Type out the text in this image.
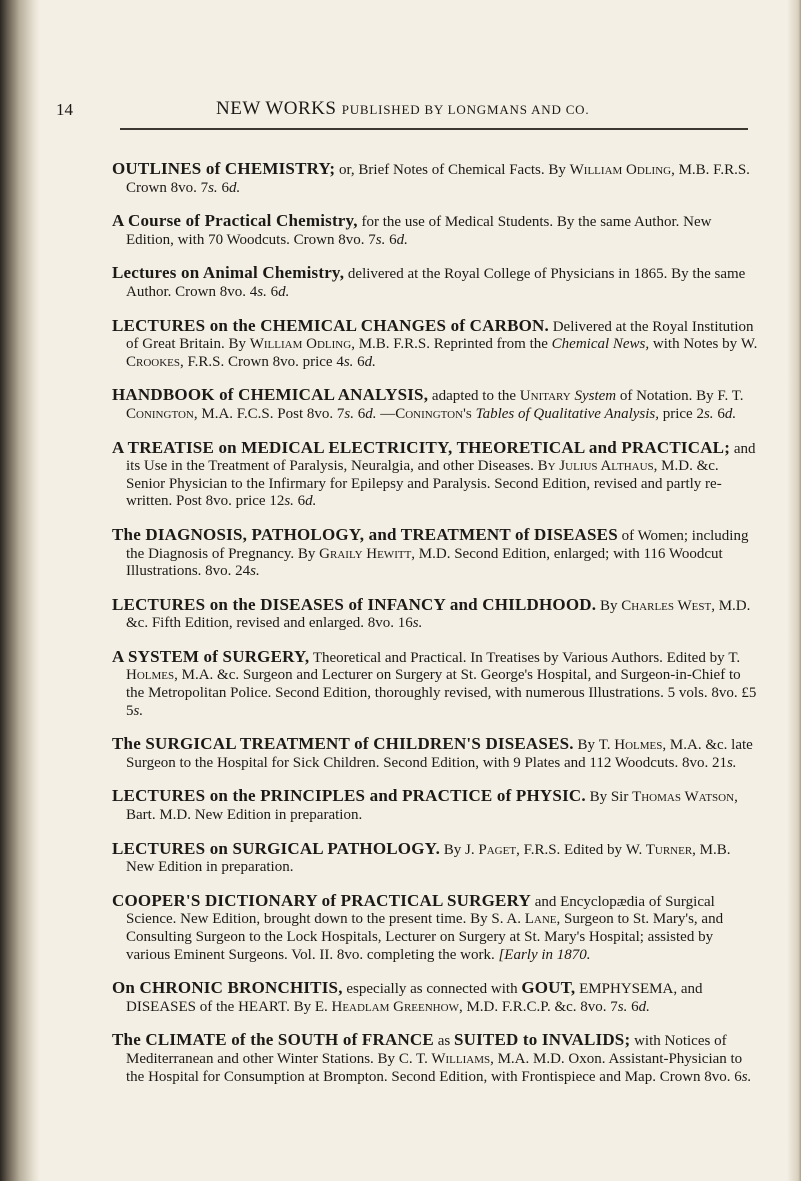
14	NEW WORKS PUBLISHED BY LONGMANS AND CO.

OUTLINES of CHEMISTRY; or, Brief Notes of Chemical Facts. By William Odling, M.B. F.R.S. Crown 8vo. 7s. 6d.

A Course of Practical Chemistry, for the use of Medical Students. By the same Author. New Edition, with 70 Woodcuts. Crown 8vo. 7s. 6d.

Lectures on Animal Chemistry, delivered at the Royal College of Physicians in 1865. By the same Author. Crown 8vo. 4s. 6d.

LECTURES on the CHEMICAL CHANGES of CARBON. Delivered at the Royal Institution of Great Britain. By William Odling, M.B. F.R.S. Reprinted from the Chemical News, with Notes by W. Crookes, F.R.S. Crown 8vo. price 4s. 6d.

HANDBOOK of CHEMICAL ANALYSIS, adapted to the Unitary System of Notation. By F. T. Conington, M.A. F.C.S. Post 8vo. 7s. 6d. —Conington's Tables of Qualitative Analysis, price 2s. 6d.

A TREATISE on MEDICAL ELECTRICITY, THEORETICAL and PRACTICAL; and its Use in the Treatment of Paralysis, Neuralgia, and other Diseases. By Julius Althaus, M.D. &c. Senior Physician to the Infirmary for Epilepsy and Paralysis. Second Edition, revised and partly re-written. Post 8vo. price 12s. 6d.

The DIAGNOSIS, PATHOLOGY, and TREATMENT of DISEASES of Women; including the Diagnosis of Pregnancy. By Graily Hewitt, M.D. Second Edition, enlarged; with 116 Woodcut Illustrations. 8vo. 24s.

LECTURES on the DISEASES of INFANCY and CHILDHOOD. By Charles West, M.D. &c. Fifth Edition, revised and enlarged. 8vo. 16s.

A SYSTEM of SURGERY, Theoretical and Practical. In Treatises by Various Authors. Edited by T. Holmes, M.A. &c. Surgeon and Lecturer on Surgery at St. George's Hospital, and Surgeon-in-Chief to the Metropolitan Police. Second Edition, thoroughly revised, with numerous Illustrations. 5 vols. 8vo. £5 5s.

The SURGICAL TREATMENT of CHILDREN'S DISEASES. By T. Holmes, M.A. &c. late Surgeon to the Hospital for Sick Children. Second Edition, with 9 Plates and 112 Woodcuts. 8vo. 21s.

LECTURES on the PRINCIPLES and PRACTICE of PHYSIC. By Sir Thomas Watson, Bart. M.D. New Edition in preparation.

LECTURES on SURGICAL PATHOLOGY. By J. Paget, F.R.S. Edited by W. Turner, M.B. New Edition in preparation.

COOPER'S DICTIONARY of PRACTICAL SURGERY and Encyclopædia of Surgical Science. New Edition, brought down to the present time. By S. A. Lane, Surgeon to St. Mary's, and Consulting Surgeon to the Lock Hospitals, Lecturer on Surgery at St. Mary's Hospital; assisted by various Eminent Surgeons. Vol. II. 8vo. completing the work. [Early in 1870.

On CHRONIC BRONCHITIS, especially as connected with GOUT, EMPHYSEMA, and DISEASES of the HEART. By E. Headlam Greenhow, M.D. F.R.C.P. &c. 8vo. 7s. 6d.

The CLIMATE of the SOUTH of FRANCE as SUITED to INVALIDS; with Notices of Mediterranean and other Winter Stations. By C. T. Williams, M.A. M.D. Oxon. Assistant-Physician to the Hospital for Consumption at Brompton. Second Edition, with Frontispiece and Map. Crown 8vo. 6s.
